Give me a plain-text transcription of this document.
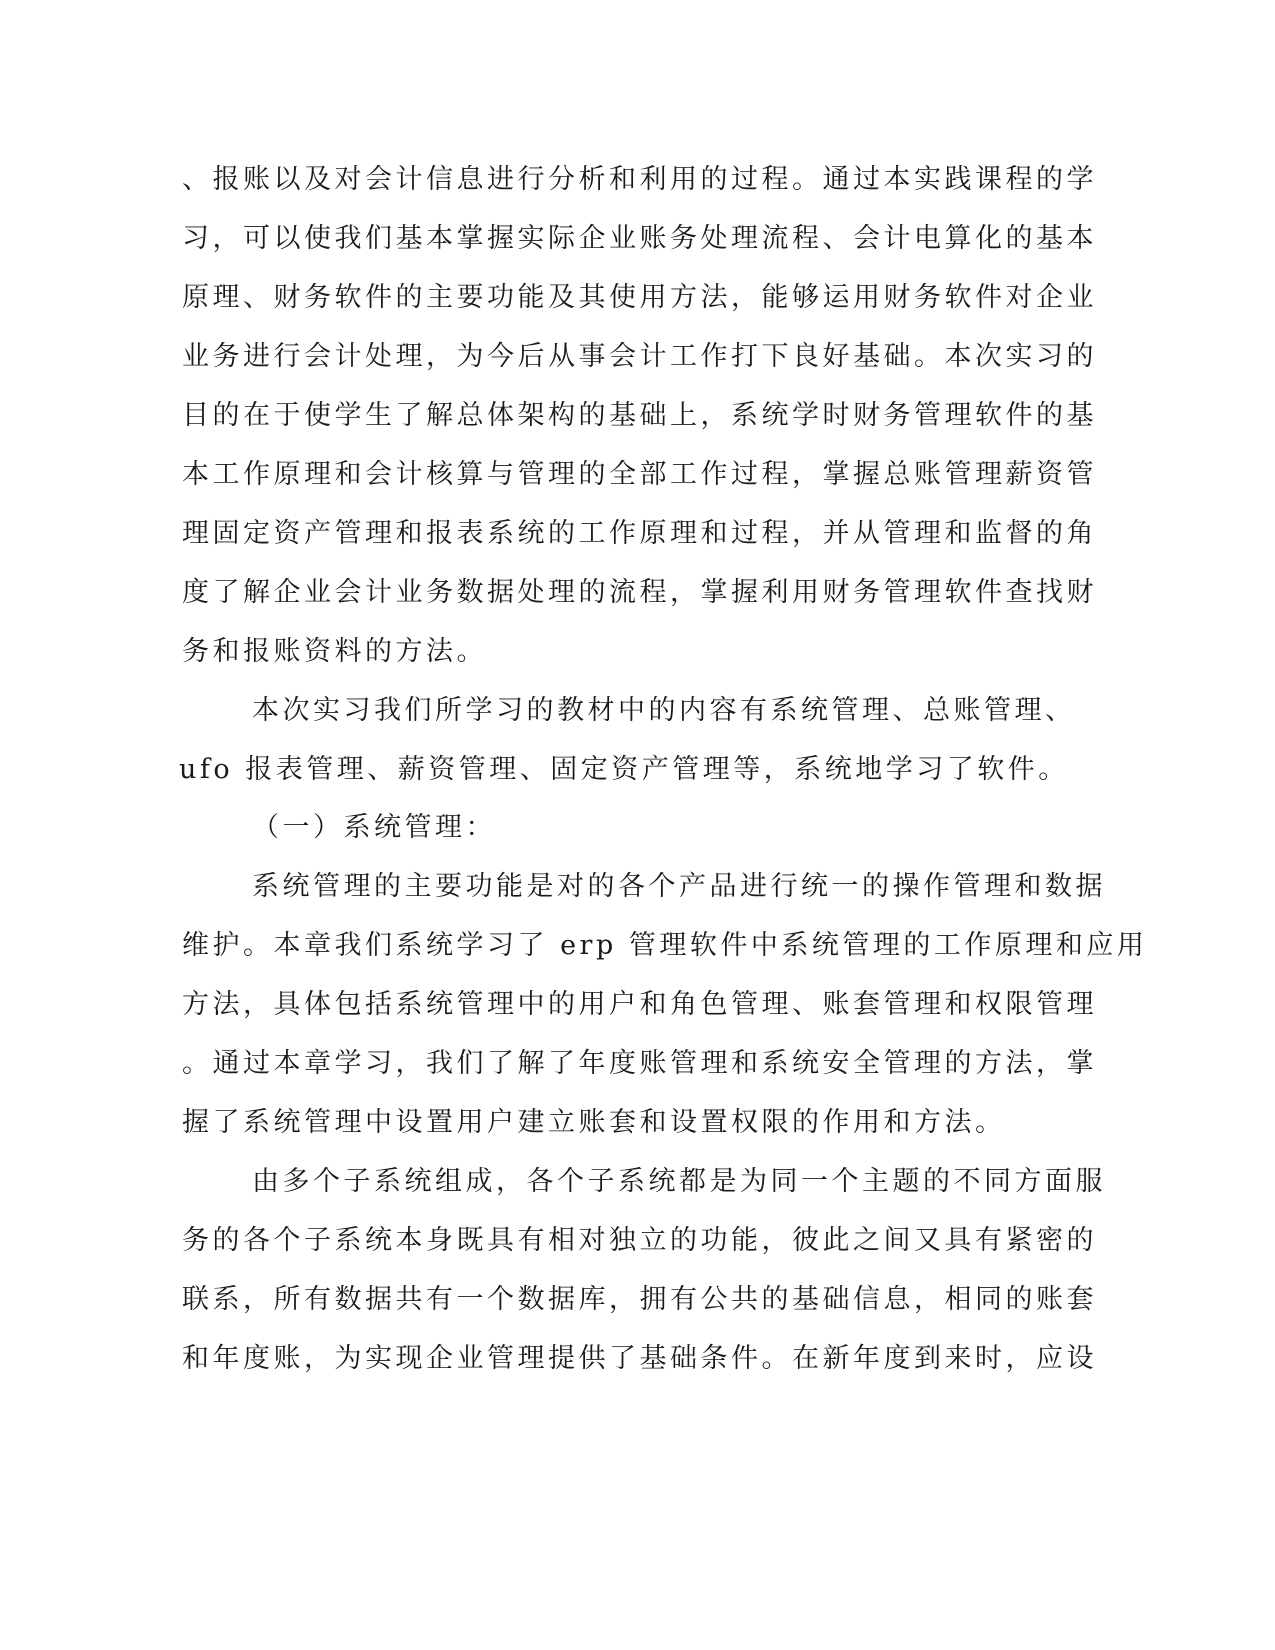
、报账以及对会计信息进行分析和利用的过程。通过本实践课程的学
习，可以使我们基本掌握实际企业账务处理流程、会计电算化的基本
原理、财务软件的主要功能及其使用方法，能够运用财务软件对企业
业务进行会计处理，为今后从事会计工作打下良好基础。本次实习的
目的在于使学生了解总体架构的基础上，系统学时财务管理软件的基
本工作原理和会计核算与管理的全部工作过程，掌握总账管理薪资管
理固定资产管理和报表系统的工作原理和过程，并从管理和监督的角
度了解企业会计业务数据处理的流程，掌握利用财务管理软件查找财
务和报账资料的方法。
本次实习我们所学习的教材中的内容有系统管理、总账管理、
ufo 报表管理、薪资管理、固定资产管理等，系统地学习了软件。
（一）系统管理：
系统管理的主要功能是对的各个产品进行统一的操作管理和数据
维护。本章我们系统学习了 erp 管理软件中系统管理的工作原理和应用
方法，具体包括系统管理中的用户和角色管理、账套管理和权限管理
。通过本章学习，我们了解了年度账管理和系统安全管理的方法，掌
握了系统管理中设置用户建立账套和设置权限的作用和方法。
由多个子系统组成，各个子系统都是为同一个主题的不同方面服
务的各个子系统本身既具有相对独立的功能，彼此之间又具有紧密的
联系，所有数据共有一个数据库，拥有公共的基础信息，相同的账套
和年度账，为实现企业管理提供了基础条件。在新年度到来时，应设
